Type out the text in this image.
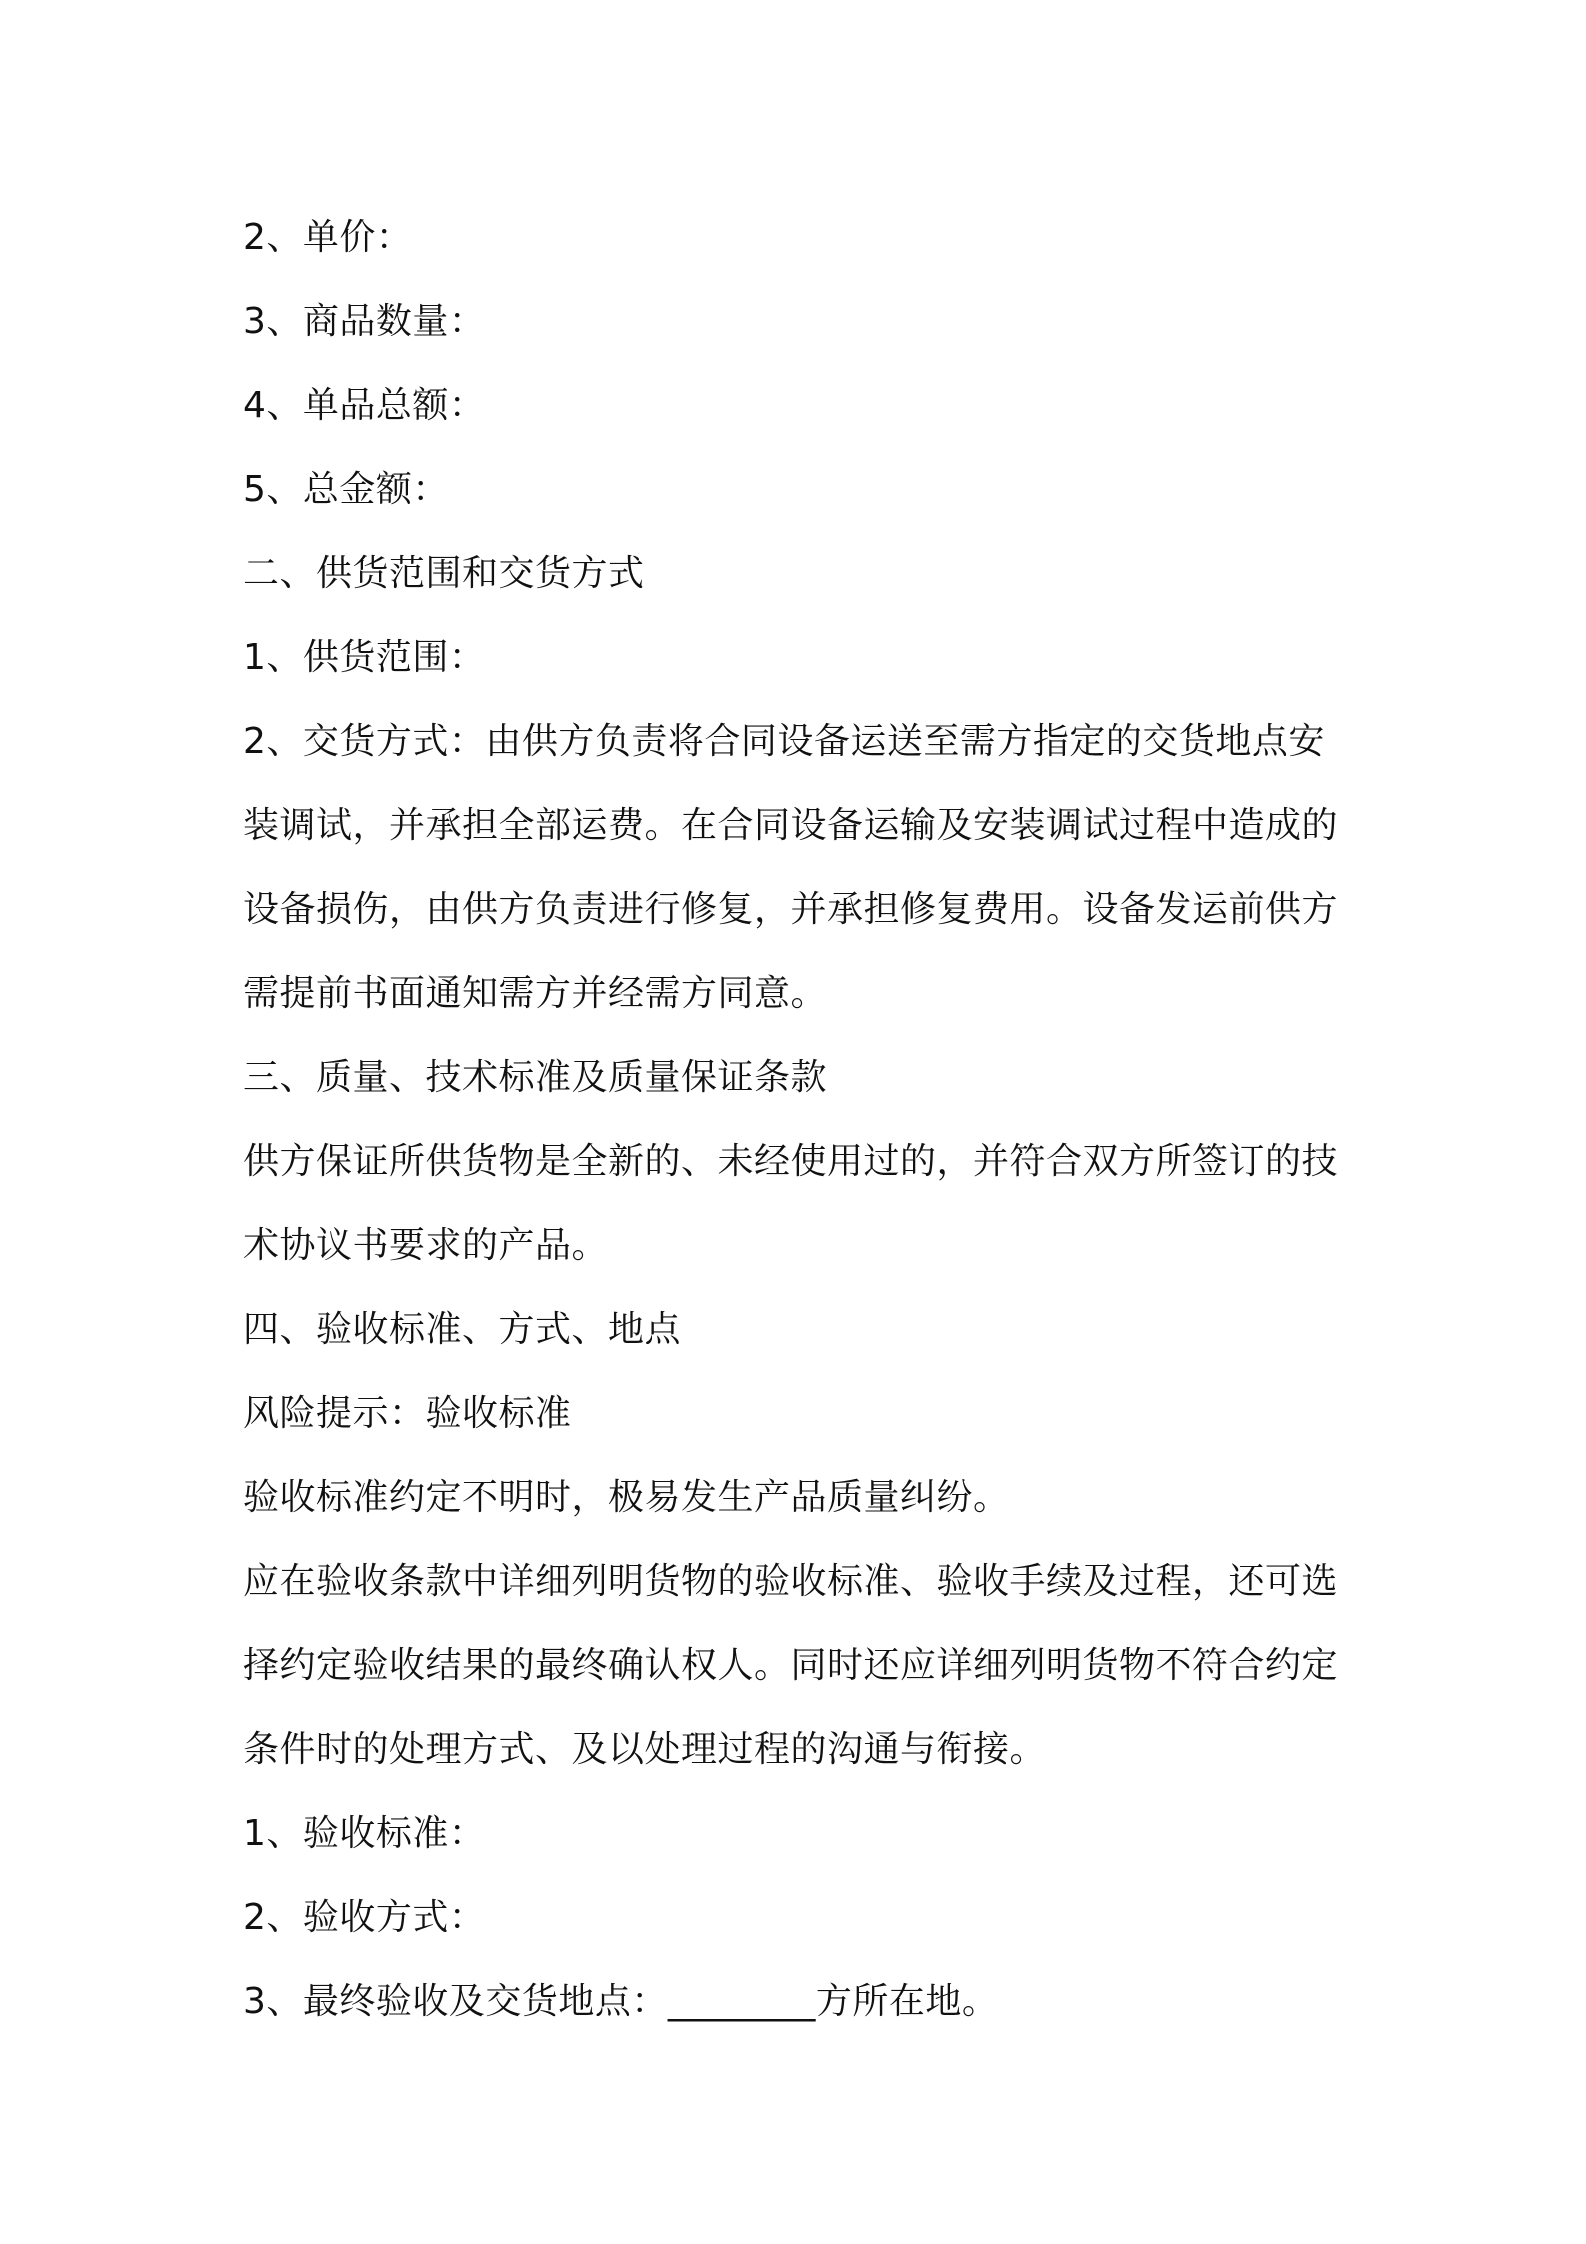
2、单价：
3、商品数量：
4、单品总额：
5、总金额：
二、供货范围和交货方式
1、供货范围：
2、交货方式：由供方负责将合同设备运送至需方指定的交货地点安
装调试，并承担全部运费。在合同设备运输及安装调试过程中造成的
设备损伤，由供方负责进行修复，并承担修复费用。设备发运前供方
需提前书面通知需方并经需方同意。
三、质量、技术标准及质量保证条款
供方保证所供货物是全新的、未经使用过的，并符合双方所签订的技
术协议书要求的产品。
四、验收标准、方式、地点
风险提示：验收标准
验收标准约定不明时，极易发生产品质量纠纷。
应在验收条款中详细列明货物的验收标准、验收手续及过程，还可选
择约定验收结果的最终确认权人。同时还应详细列明货物不符合约定
条件时的处理方式、及以处理过程的沟通与衔接。
1、验收标准：
2、验收方式：
3、最终验收及交货地点：________方所在地。
